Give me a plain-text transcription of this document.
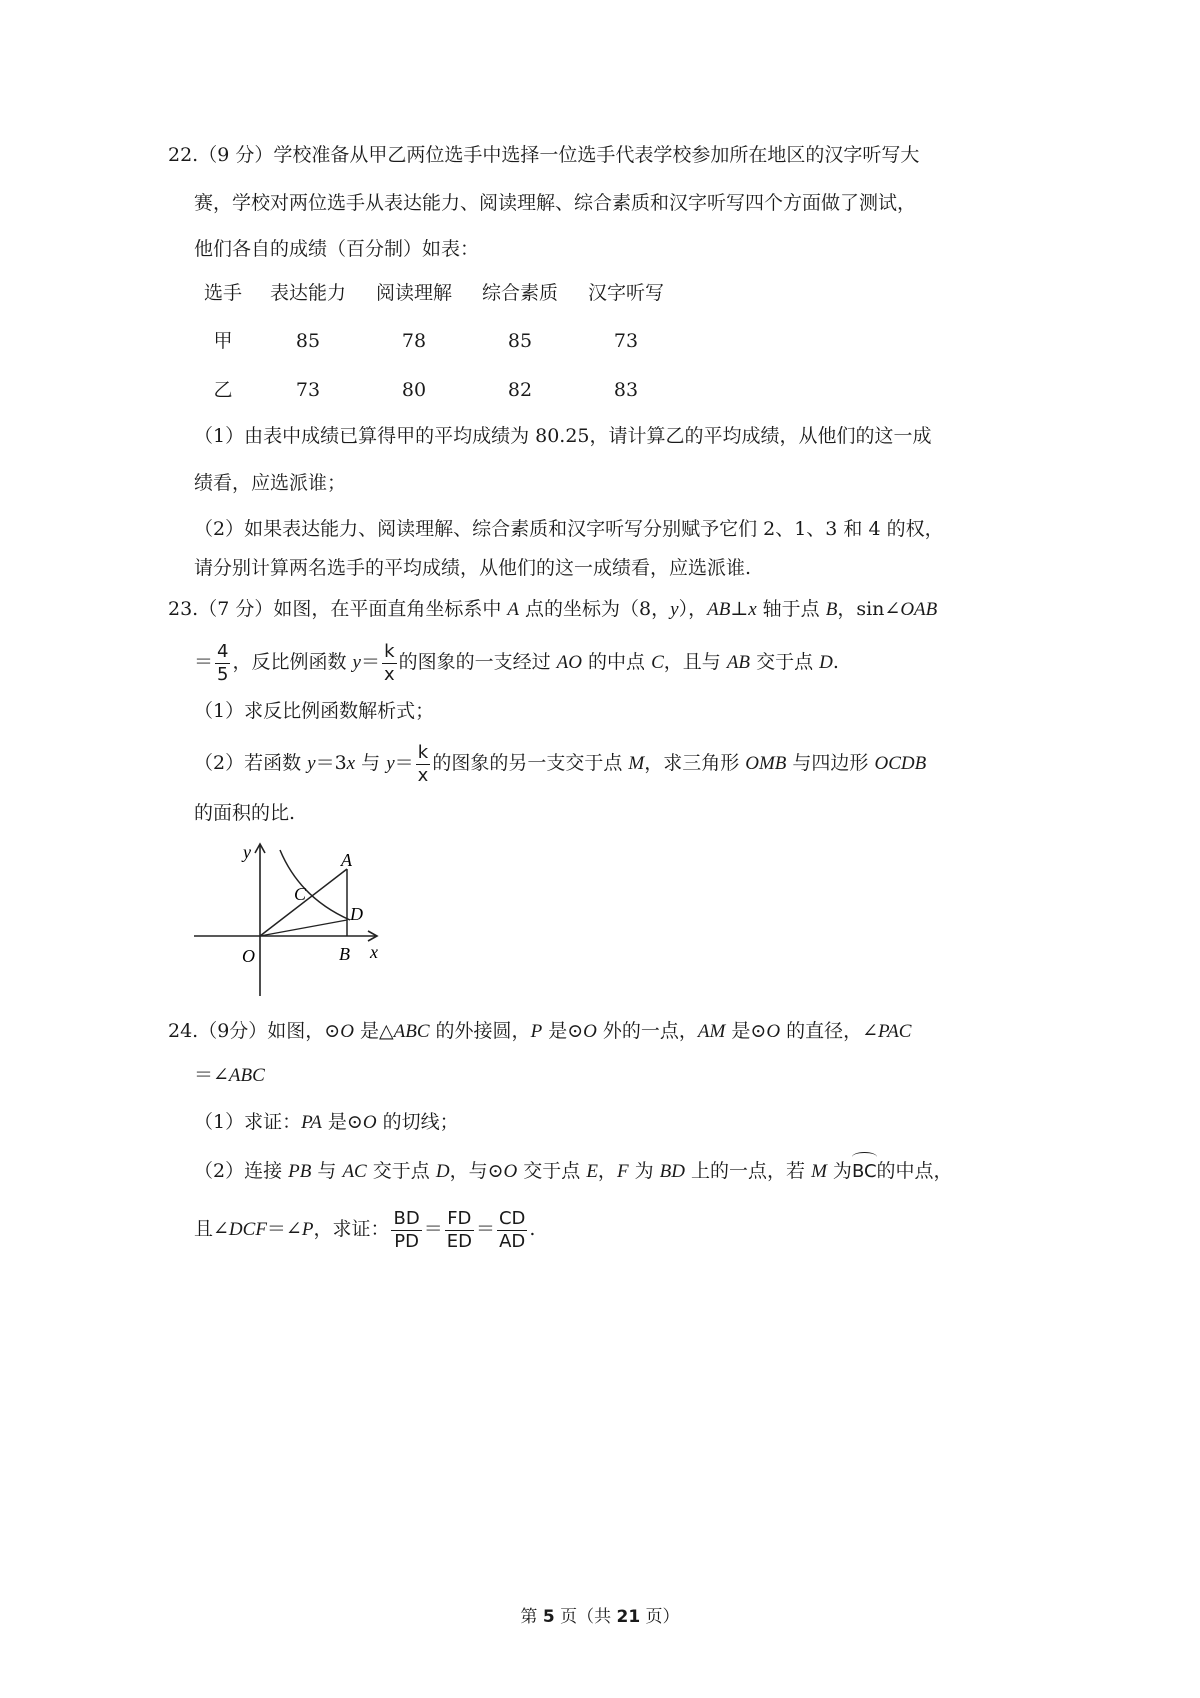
22.（9 分）学校准备从甲乙两位选手中选择一位选手代表学校参加所在地区的汉字听写大
赛，学校对两位选手从表达能力、阅读理解、综合素质和汉字听写四个方面做了测试，
他们各自的成绩（百分制）如表：
选手	表达能力	阅读理解	综合素质	汉字听写
甲	85	78	85	73
乙	73	80	82	83
（1）由表中成绩已算得甲的平均成绩为 80.25，请计算乙的平均成绩，从他们的这一成
绩看，应选派谁；
（2）如果表达能力、阅读理解、综合素质和汉字听写分别赋予它们 2、1、3 和 4 的权，
请分别计算两名选手的平均成绩，从他们的这一成绩看，应选派谁.
23.（7 分）如图，在平面直角坐标系中 A 点的坐标为（8，y），AB⊥x 轴于点 B，sin∠OAB
＝ $\frac{4}{5}$ ，反比例函数 $y= \frac{k}{x}$ 的图象的一支经过 AO 的中点 C，且与 AB 交于点 D.
（1）求反比例函数解析式；
（2）若函数 y＝3x 与 $y= \frac{k}{x}$ 的图象的另一支交于点 M，求三角形 OMB 与四边形 OCDB
的面积的比.
y
x
O
A
B
C
D
24.（9分）如图，⊙O 是△ABC 的外接圆，P 是⊙O 外的一点，AM 是⊙O 的直径，∠PAC
＝∠ABC
（1）求证：PA 是⊙O 的切线；
（2）连接 PB 与 AC 交于点 D，与⊙O 交于点 E，F 为 BD 上的一点，若 M 为BC的中点，
且∠DCF＝∠P，求证： $\frac{BD}{PD} = \frac{FD}{ED} = \frac{CD}{AD}$ .
第 5 页（共 21 页）
